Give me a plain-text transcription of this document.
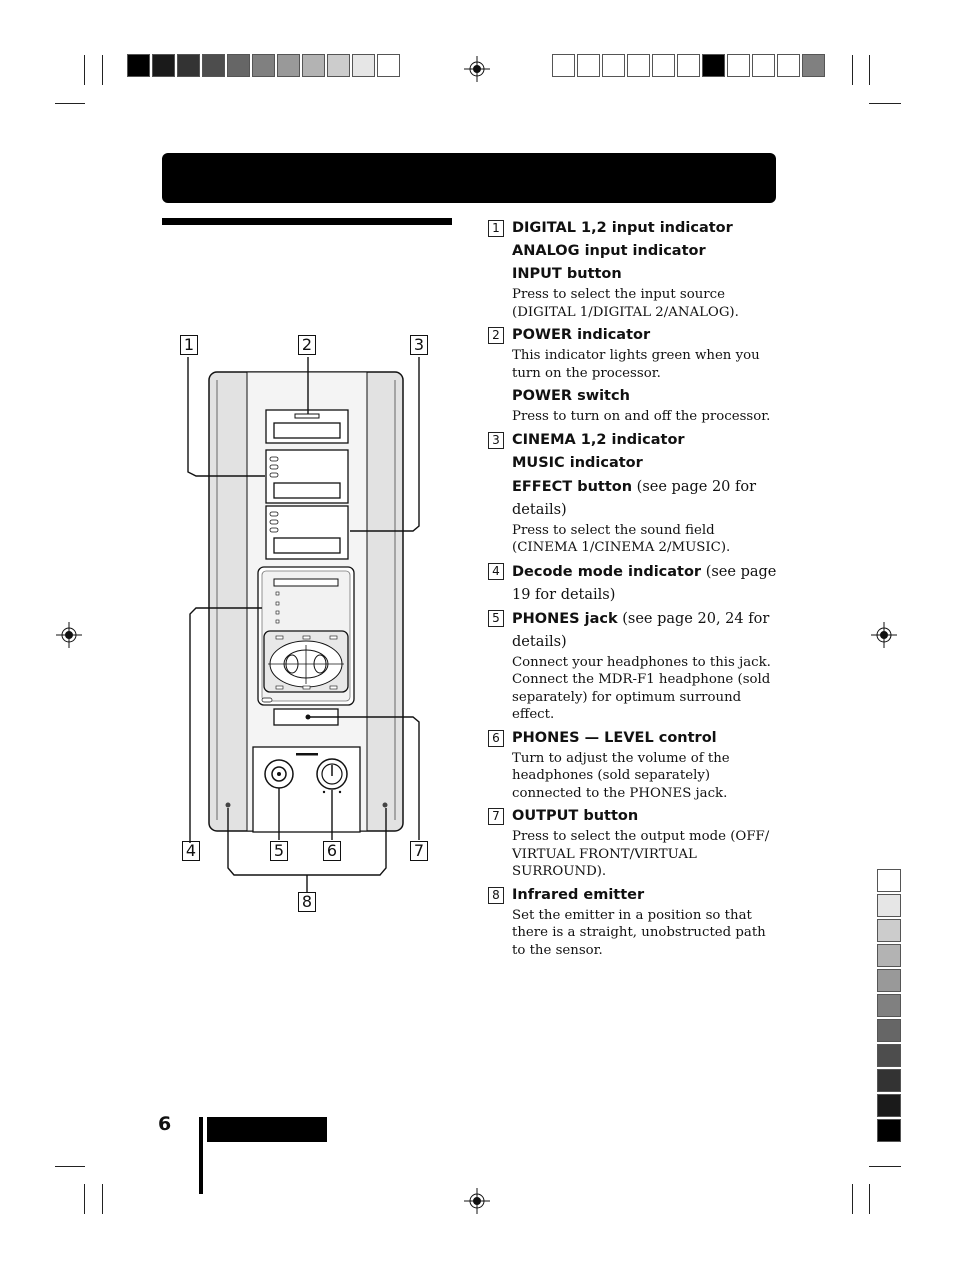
1	2	3
4	5	6	7
8
1 DIGITAL 1,2 input indicator
ANALOG input indicator
INPUT button

Press to select the input source (DIGITAL 1/DIGITAL 2/ANALOG).

2 POWER indicator

This indicator lights green when you turn on the processor.

POWER switch

Press to turn on and off the processor.

3 CINEMA 1,2 indicator
MUSIC indicator
EFFECT button (see page 20 for details)

Press to select the sound field (CINEMA 1/CINEMA 2/MUSIC).

4 Decode mode indicator (see page 19 for details)
5 PHONES jack (see page 20, 24 for details)

Connect your headphones to this jack. Connect the MDR-F1 headphone (sold separately) for optimum surround effect.

6 PHONES — LEVEL control

Turn to adjust the volume of the headphones (sold separately) connected to the PHONES jack.

7 OUTPUT button

Press to select the output mode (OFF/ VIRTUAL FRONT/VIRTUAL SURROUND).

8 Infrared emitter

Set the emitter in a position so that there is a straight, unobstructed path to the sensor.

6
